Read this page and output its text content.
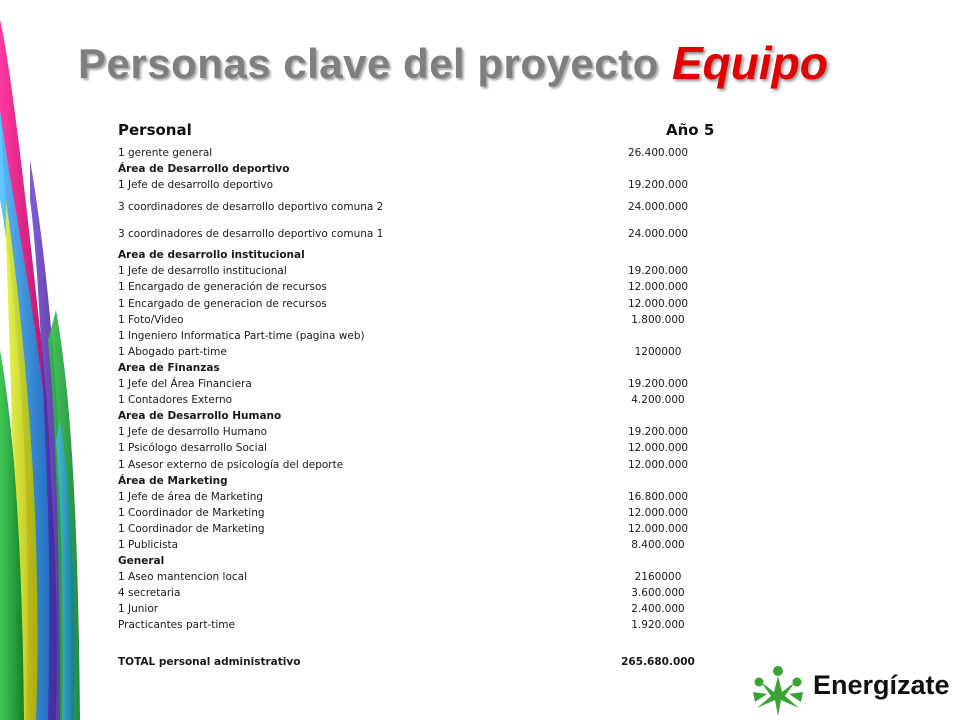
Personas clave del proyecto Equipo
Personal	Año 5
1 gerente general	26.400.000
Área de Desarrollo deportivo
1 Jefe de desarrollo deportivo	19.200.000
3 coordinadores de desarrollo deportivo comuna 2	24.000.000
3 coordinadores de desarrollo deportivo comuna 1	24.000.000
Area de desarrollo institucional
1 Jefe de desarrollo institucional	19.200.000
1 Encargado de generación de recursos	12.000.000
1 Encargado de generacion de recursos	12.000.000
1 Foto/Video	1.800.000
1 Ingeniero Informatica Part-time (pagina web)
1 Abogado part-time	1200000
Area de Finanzas
1 Jefe del Área Financiera	19.200.000
1 Contadores Externo	4.200.000
Area de Desarrollo Humano
1 Jefe de desarrollo Humano	19.200.000
1 Psicólogo desarrollo Social	12.000.000
1 Asesor externo de psicología del deporte	12.000.000
Área de Marketing
1 Jefe de área de Marketing	16.800.000
1 Coordinador de Marketing	12.000.000
1 Coordinador de Marketing	12.000.000
1 Publicista	8.400.000
General
1 Aseo mantencion local	2160000
4 secretaria	3.600.000
1 Junior	2.400.000
Practicantes part-time	1.920.000
TOTAL personal administrativo	265.680.000
Energízate
